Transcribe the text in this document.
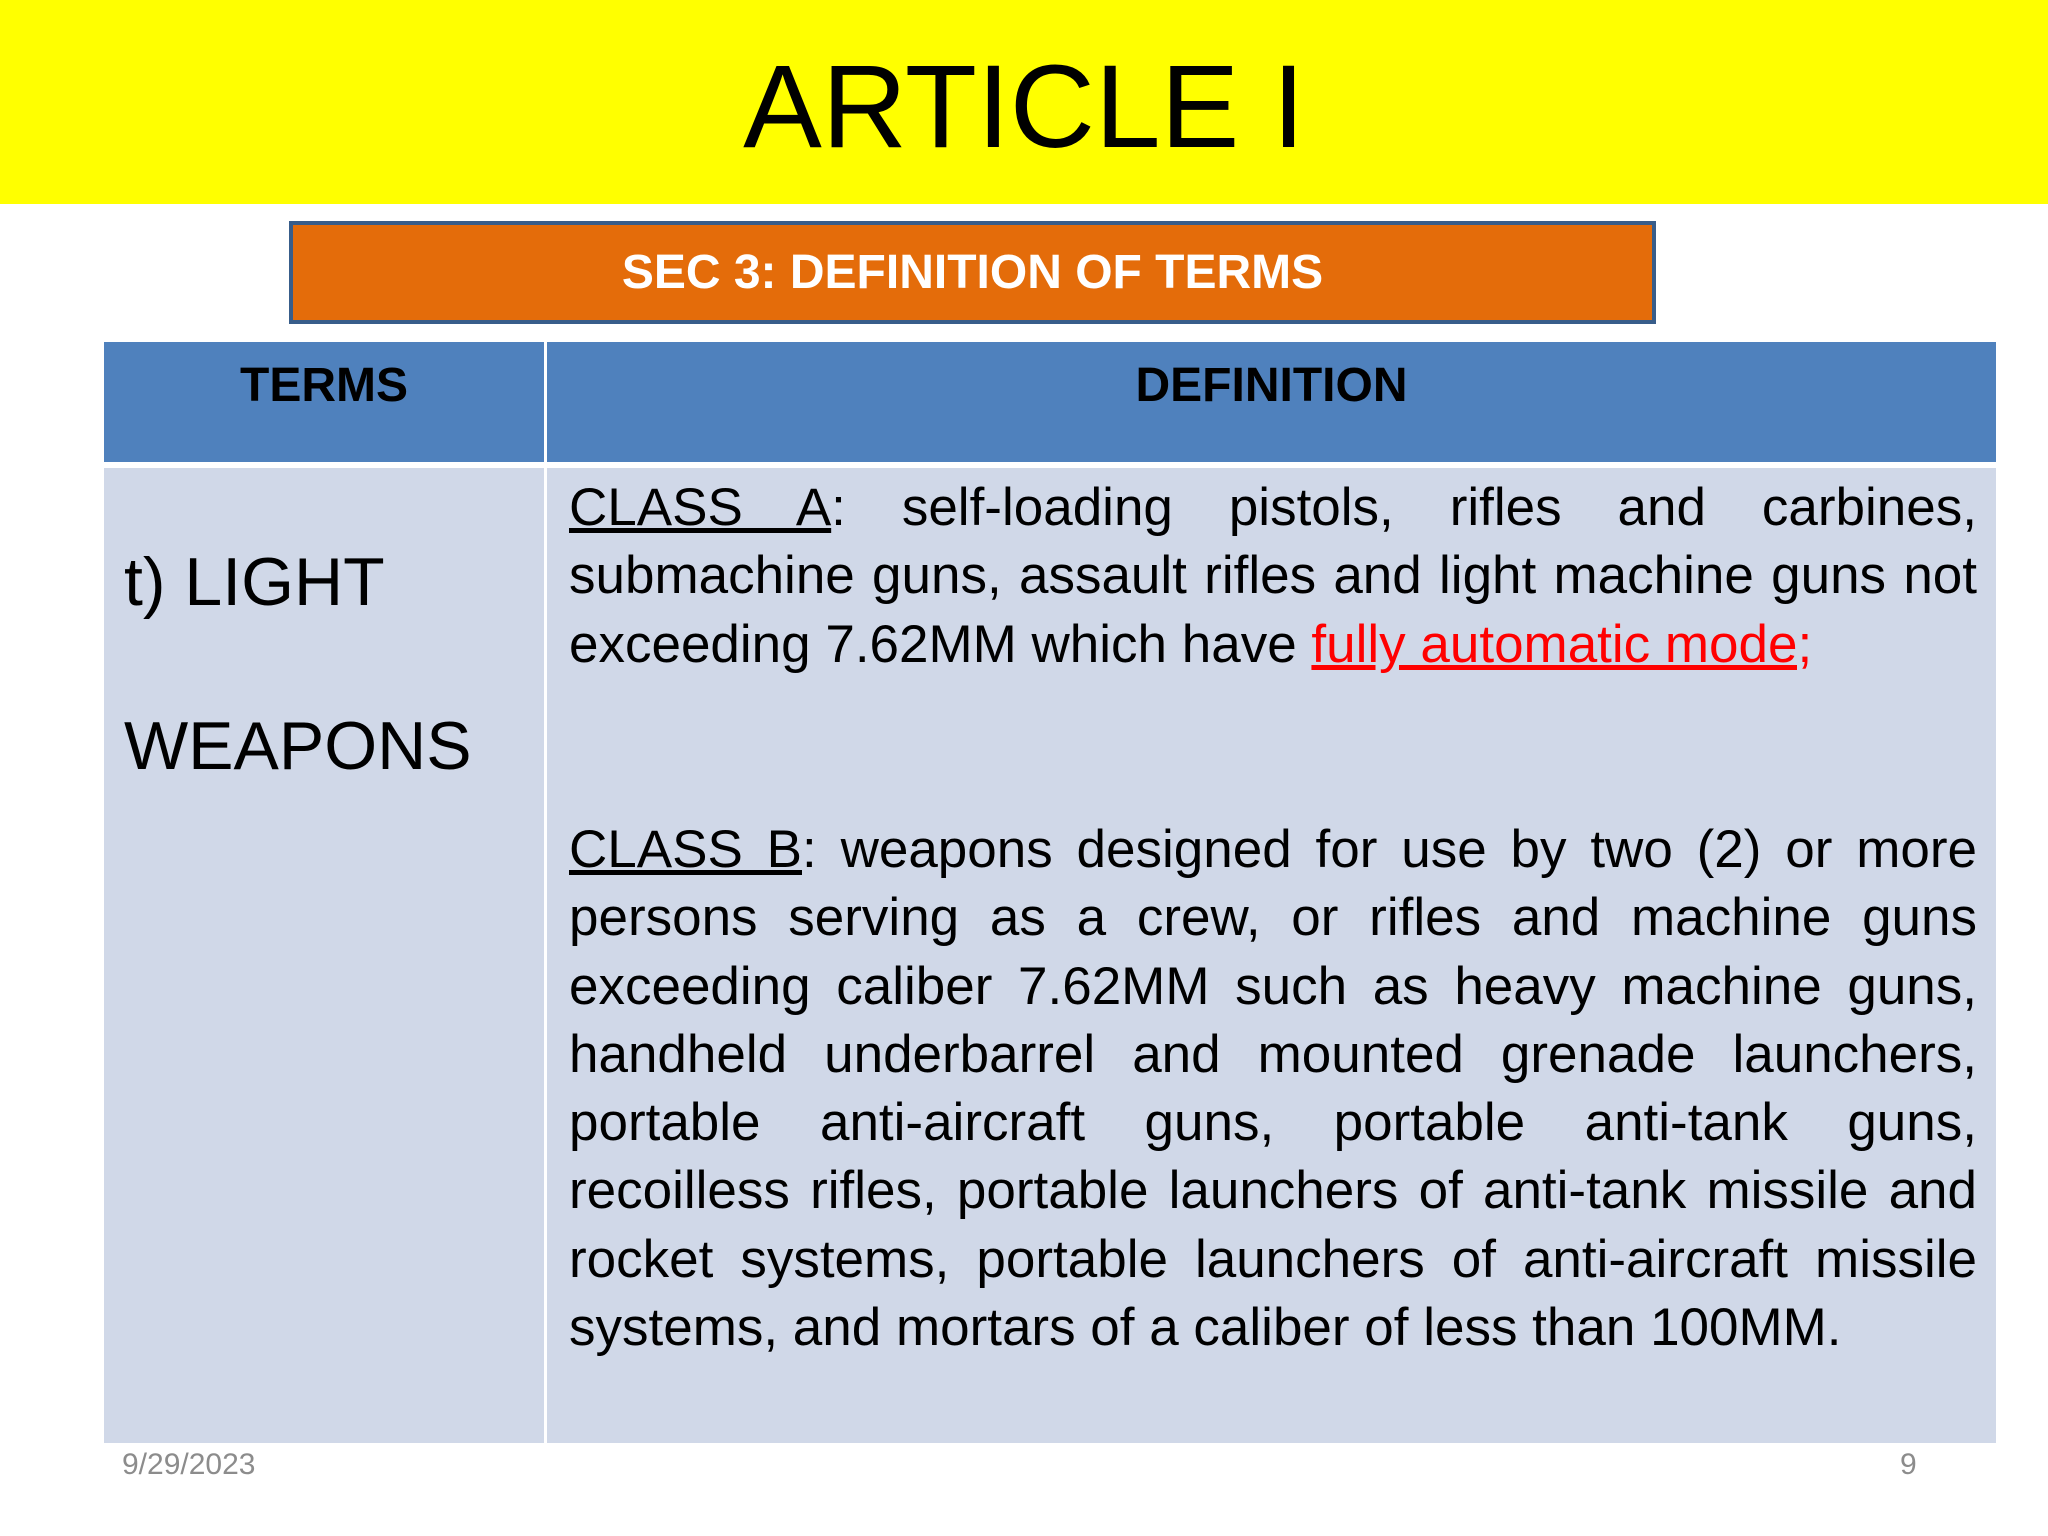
ARTICLE I
SEC 3: DEFINITION OF TERMS
TERMS	DEFINITION
t) LIGHT
WEAPONS
CLASS A: self-loading pistols, rifles and carbines, submachine guns, assault rifles and light machine guns not exceeding 7.62MM which have fully automatic mode;
CLASS B: weapons designed for use by two (2) or more persons serving as a crew, or rifles and machine guns exceeding caliber 7.62MM such as heavy machine guns, handheld underbarrel and mounted grenade launchers, portable anti-aircraft guns, portable anti-tank guns, recoilless rifles, portable launchers of anti-tank missile and rocket systems, portable launchers of anti-aircraft missile systems, and mortars of a caliber of less than 100MM.
9/29/2023	9
